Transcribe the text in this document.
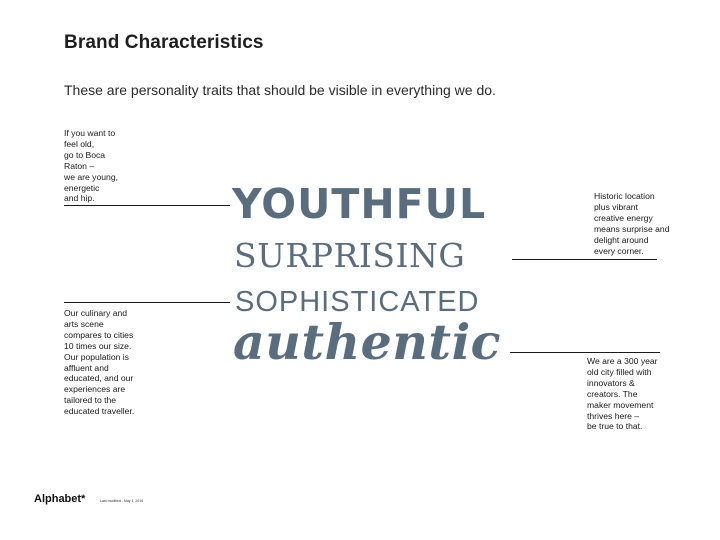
Brand Characteristics
These are personality traits that should be visible in everything we do.
If you want to
feel old,
go to Boca
Raton –
we are young,
energetic
and hip.	Historic location
plus vibrant
creative energy
means surprise and
delight around
every corner.
Our culinary and
arts scene
compares to cities
10 times our size.
Our population is
affluent and
educated, and our
experiences are
tailored to the
educated traveller.
We are a 300 year
old city filled with
innovators &
creators. The
maker movement
thrives here –
be true to that.
YOUTHFUL
SURPRISING
SOPHISTICATED
authentic
Alphabet*	Last modified - May 1, 2016
